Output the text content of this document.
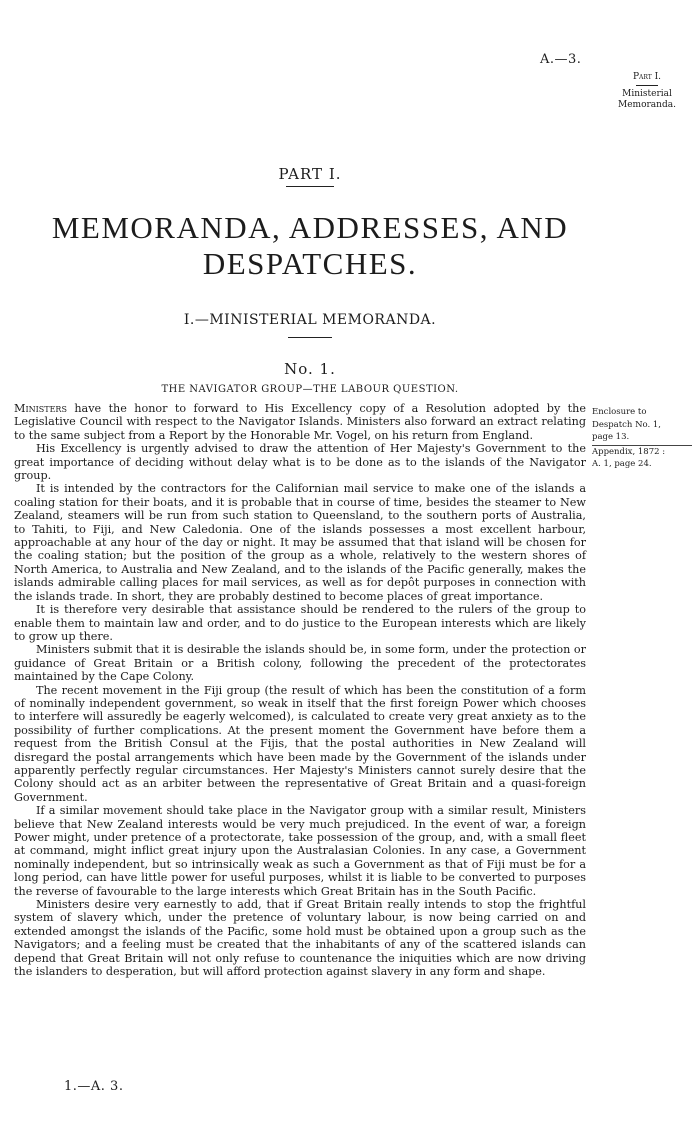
A.—3.
Part I.
Ministerial
Memoranda.
PART I.
MEMORANDA, ADDRESSES, AND DESPATCHES.
I.—MINISTERIAL MEMORANDA.
No. 1.
THE NAVIGATOR GROUP—THE LABOUR QUESTION.
Enclosure to
Despatch No. 1,
page 13.
Appendix, 1872 :
A. 1, page 24.

Ministers have the honor to forward to His Excellency copy of a Resolution adopted by the Legislative Council with respect to the Navigator Islands. Ministers also forward an extract relating to the same subject from a Report by the Honorable Mr. Vogel, on his return from England.

His Excellency is urgently advised to draw the attention of Her Majesty's Government to the great importance of deciding without delay what is to be done as to the islands of the Navigator group.

It is intended by the contractors for the Californian mail service to make one of the islands a coaling station for their boats, and it is probable that in course of time, besides the steamer to New Zealand, steamers will be run from such station to Queensland, to the southern ports of Australia, to Tahiti, to Fiji, and New Caledonia. One of the islands possesses a most excellent harbour, approachable at any hour of the day or night. It may be assumed that that island will be chosen for the coaling station; but the position of the group as a whole, relatively to the western shores of North America, to Australia and New Zealand, and to the islands of the Pacific generally, makes the islands admirable calling places for mail services, as well as for depôt purposes in connection with the islands trade. In short, they are probably destined to become places of great importance.

It is therefore very desirable that assistance should be rendered to the rulers of the group to enable them to maintain law and order, and to do justice to the European interests which are likely to grow up there.

Ministers submit that it is desirable the islands should be, in some form, under the protection or guidance of Great Britain or a British colony, following the precedent of the protectorates maintained by the Cape Colony.

The recent movement in the Fiji group (the result of which has been the constitution of a form of nominally independent government, so weak in itself that the first foreign Power which chooses to interfere will assuredly be eagerly welcomed), is calculated to create very great anxiety as to the possibility of further complications. At the present moment the Government have before them a request from the British Consul at the Fijis, that the postal authorities in New Zealand will disregard the postal arrangements which have been made by the Government of the islands under apparently perfectly regular circumstances. Her Majesty's Ministers cannot surely desire that the Colony should act as an arbiter between the representative of Great Britain and a quasi-foreign Government.

If a similar movement should take place in the Navigator group with a similar result, Ministers believe that New Zealand interests would be very much prejudiced. In the event of war, a foreign Power might, under pretence of a protectorate, take possession of the group, and, with a small fleet at command, might inflict great injury upon the Australasian Colonies. In any case, a Government nominally independent, but so intrinsically weak as such a Government as that of Fiji must be for a long period, can have little power for useful purposes, whilst it is liable to be converted to purposes the reverse of favourable to the large interests which Great Britain has in the South Pacific.

Ministers desire very earnestly to add, that if Great Britain really intends to stop the frightful system of slavery which, under the pretence of voluntary labour, is now being carried on and extended amongst the islands of the Pacific, some hold must be obtained upon a group such as the Navigators; and a feeling must be created that the inhabitants of any of the scattered islands can depend that Great Britain will not only refuse to countenance the iniquities which are now driving the islanders to desperation, but will afford protection against slavery in any form and shape.

1.—A. 3.
